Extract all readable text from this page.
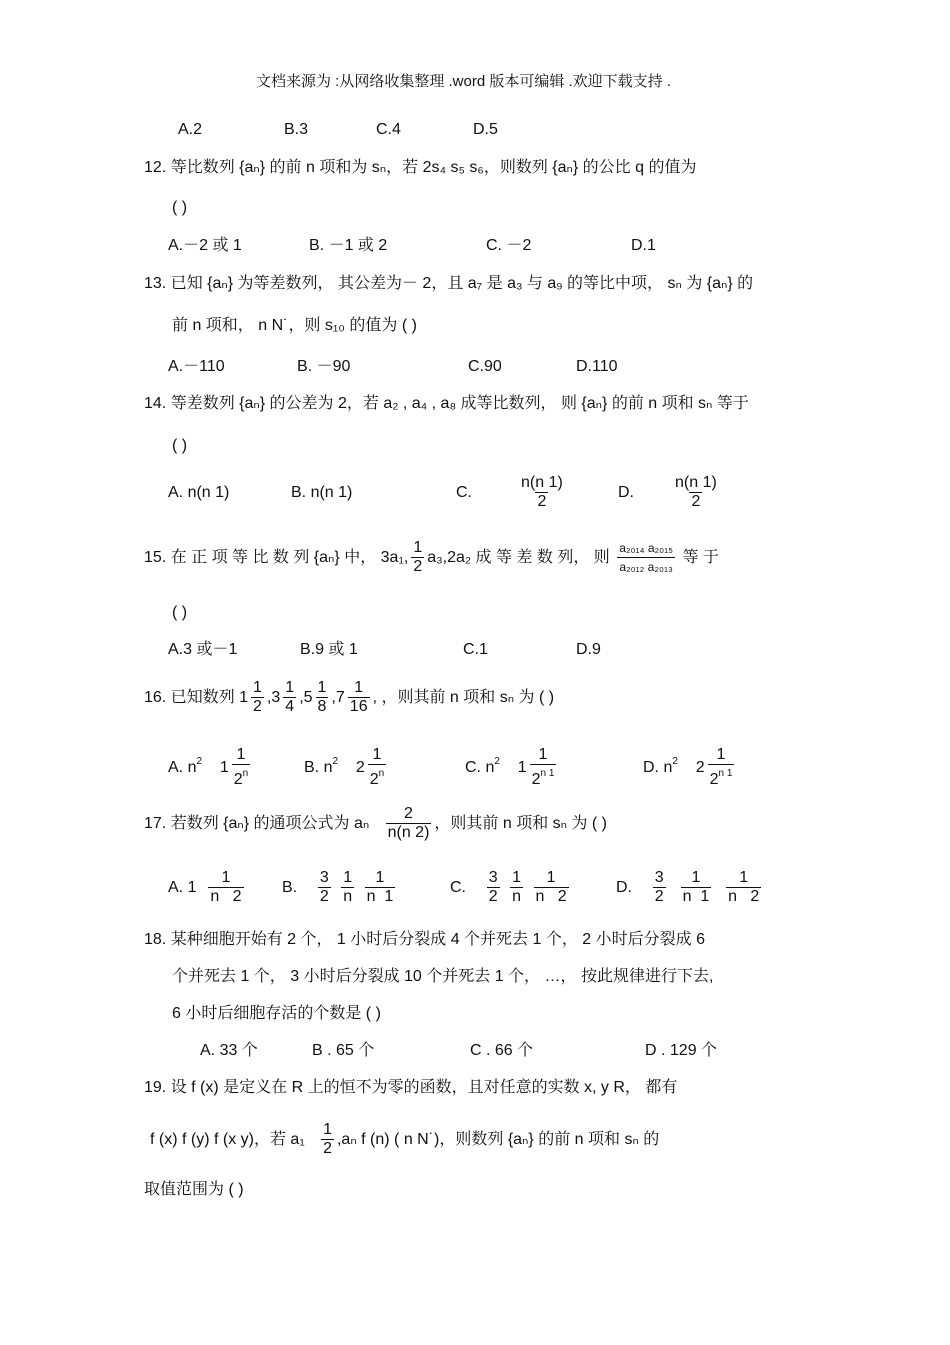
文档来源为 :从网络收集整理 .word 版本可编辑 .欢迎下载支持 .
A.2	B.3	C.4	D.5
12. 等比数列 {aₙ} 的前 n 项和为 sₙ，若 2s₄ s₅ s₆，则数列 {aₙ} 的公比 q 的值为
( )
A.－2 或 1	B. －1 或 2	C. －2	D.1
13. 已知 {aₙ} 为等差数列， 其公差为－ 2，且 a₇ 是 a₃ 与 a₉ 的等比中项， sₙ 为 {aₙ} 的
前 n 项和， n N˙，则 s₁₀ 的值为 ( )
A.－110	B. －90	C.90	D.110
14. 等差数列 {aₙ} 的公差为 2，若 a₂ , a₄ , a₈ 成等比数列， 则 {aₙ} 的前 n 项和 sₙ 等于
( )
A. n(n 1)	B. n(n 1)	C.	$\frac{n(n 1)}{2}$	D. $\frac{n(n 1)}{2}$
15. 在 正 项 等 比 数 列 {aₙ} 中， 3a₁, $\frac{1}{2} a_3,2a_2$ 成 等 差 数 列， 则 $\frac{\text{a₂₀₁₄ a₂₀₁₅}}{\text{a₂₀₁₂ a₂₀₁₃}}$ 等 于
( )
A.3 或－1	B.9 或 1	C.1	D.9
16. 已知数列 $1 \frac{1}{2} ,3 \frac{1}{4} ,5 \frac{1}{8} ,7 \frac{1}{16}$ , ，则其前 n 项和 sₙ 为 ( )
A. $n^2$    $1 \frac{1}{2^n}$	B. $n^2$    $2 \frac{1}{2^n}$	C. $n^2$    $1 \frac{1}{2^{n 1}}$	D. $n^2$    $2 \frac{1}{2^{n 1}}$
17. 若数列 {aₙ} 的通项公式为 aₙ $\frac{2}{n(n 2)}$ ，则其前 n 项和 sₙ 为 ( )
A. $1 \frac{1}{n 2} B$. $\frac{3}{2}$
$\frac{1}{n}$
$\frac{1}{n 1}$	C. $\frac{3}{2}$
$\frac{1}{n}$
$\frac{1}{n 2}$	D. $\frac{3}{2}$
$\frac{1}{n 1}$
$\frac{1}{n 2}$
18. 某种细胞开始有 2 个， 1 小时后分裂成 4 个并死去 1 个， 2 小时后分裂成 6
个并死去 1 个， 3 小时后分裂成 10 个并死去 1 个， …， 按此规律进行下去,
6 小时后细胞存活的个数是 ( )
A. 33 个	B . 65 个	C . 66 个	D . 129 个
19. 设 f (x) 是定义在 R 上的恒不为零的函数，且对任意的实数 x, y R， 都有
f (x) f (y) f (x y)，若 $a_1 \frac{1}{2} ,a_n$ f (n) ( n N˙)，则数列 {aₙ} 的前 n 项和 sₙ 的
取值范围为 ( )
